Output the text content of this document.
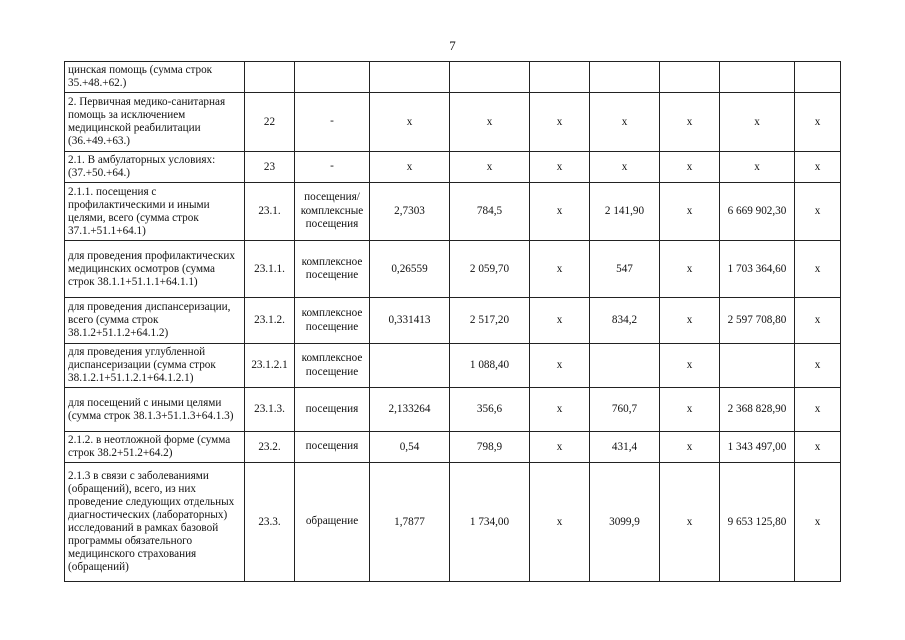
7
цинская помощь (сумма строк 35.+48.+62.)									
2. Первичная медико-санитарная помощь за исключением медицинской реабилитации (36.+49.+63.)	22	-	х	х	х	х	х	х	х
2.1. В амбулаторных условиях: (37.+50.+64.)	23	-	х	х	х	х	х	х	х
2.1.1. посещения с профилактическими и иными целями, всего (сумма строк 37.1.+51.1+64.1)	23.1.	посещения/комплексные посещения	2,7303	784,5	х	2 141,90	х	6 669 902,30	х
для проведения профилактических медицинских осмотров (сумма строк 38.1.1+51.1.1+64.1.1)	23.1.1.	комплексное посещение	0,26559	2 059,70	х	547	х	1 703 364,60	х
для проведения диспансеризации, всего (сумма строк 38.1.2+51.1.2+64.1.2)	23.1.2.	комплексное посещение	0,331413	2 517,20	х	834,2	х	2 597 708,80	х
для проведения углубленной диспансеризации (сумма строк 38.1.2.1+51.1.2.1+64.1.2.1)	23.1.2.1	комплексное посещение		1 088,40	х		х		х
для посещений с иными целями (сумма строк 38.1.3+51.1.3+64.1.3)	23.1.3.	посещения	2,133264	356,6	х	760,7	х	2 368 828,90	х
2.1.2. в неотложной форме (сумма строк 38.2+51.2+64.2)	23.2.	посещения	0,54	798,9	х	431,4	х	1 343 497,00	х
2.1.3 в связи с заболеваниями (обращений), всего, из них проведение следующих отдельных диагностических (лабораторных) исследований в рамках базовой программы обязательного медицинского страхования (обращений)	23.3.	обращение	1,7877	1 734,00	х	3099,9	х	9 653 125,80	х
